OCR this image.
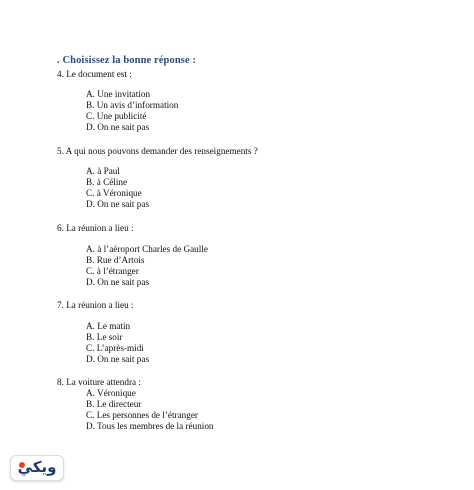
. Choisissez la bonne réponse :
4. Le document est :
A. Une invitation
B. Un avis d’information
C. Une publicité
D. On ne sait pas
5. A qui nous pouvons demander des renseignements ?
A. à Paul
B. à Céline
C. à Véronique
D. On ne sait pas
6. La réunion a lieu :
A. à l’aéroport Charles de Gaulle
B. Rue d’Artois
C. à l’étranger
D. On ne sait pas
7. La réunion a lieu :
A. Le matin
B. Le soir
C. L’après-midi
D. On ne sait pas
8. La voiture attendra :
A. Véronique
B. Le directeur
C. Les personnes de l’étranger
D. Tous les membres de la réunion
ويكي
